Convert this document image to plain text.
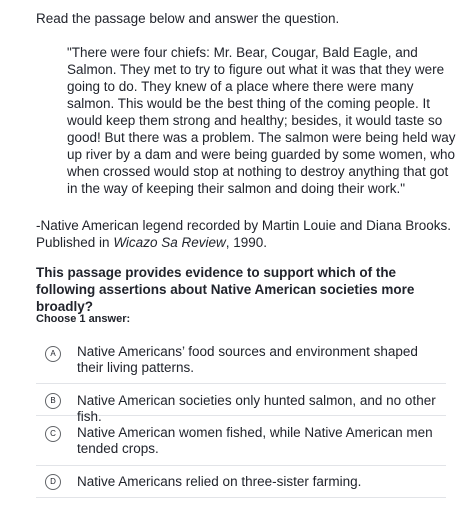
Read the passage below and answer the question.

"There were four chiefs: Mr. Bear, Cougar, Bald Eagle, and Salmon. They met to try to figure out what it was that they were going to do. They knew of a place where there were many salmon. This would be the best thing of the coming people. It would keep them strong and healthy; besides, it would taste so good! But there was a problem. The salmon were being held way up river by a dam and were being guarded by some women, who when crossed would stop at nothing to destroy anything that got in the way of keeping their salmon and doing their work."

-Native American legend recorded by Martin Louie and Diana Brooks. Published in Wicazo Sa Review, 1990.

This passage provides evidence to support which of the following assertions about Native American societies more broadly?

Choose 1 answer:
A	Native Americans’ food sources and environment shaped their living patterns.
B	Native American societies only hunted salmon, and no other fish.
C	Native American women fished, while Native American men tended crops.
D	Native Americans relied on three-sister farming.
